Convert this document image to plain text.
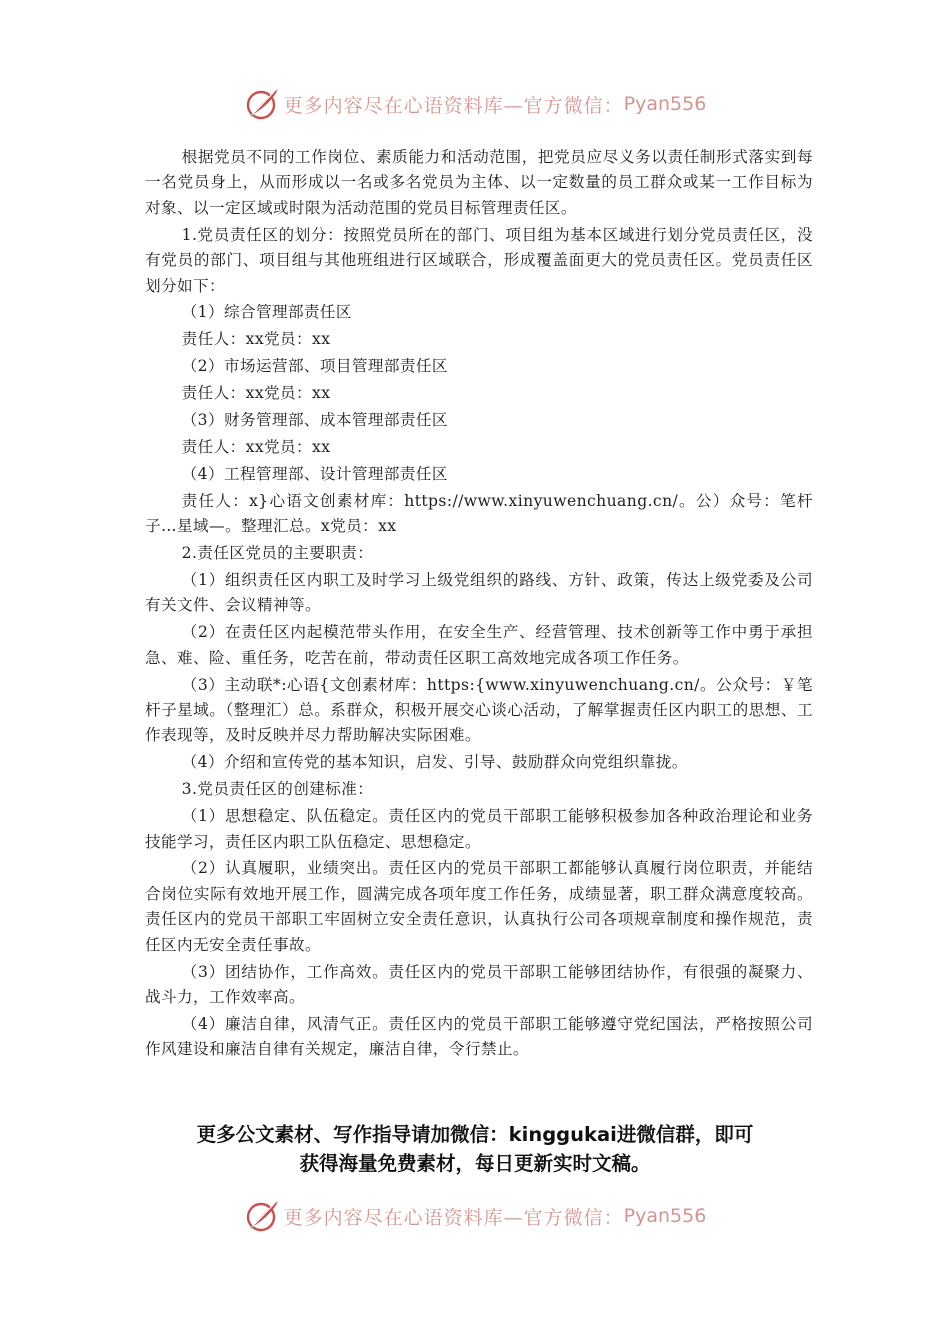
更多内容尽在心语资料库—官方微信： Pyan556

根据党员不同的工作岗位、素质能力和活动范围，把党员应尽义务以责任制形式落实到每一名党员身上，从而形成以一名或多名党员为主体、以一定数量的员工群众或某一工作目标为对象、以一定区域或时限为活动范围的党员目标管理责任区。

1.党员责任区的划分：按照党员所在的部门、项目组为基本区域进行划分党员责任区，没有党员的部门、项目组与其他班组进行区域联合，形成覆盖面更大的党员责任区。党员责任区划分如下：

（1）综合管理部责任区

责任人：xx党员：xx

（2）市场运营部、项目管理部责任区

责任人：xx党员：xx

（3）财务管理部、成本管理部责任区

责任人：xx党员：xx

（4）工程管理部、设计管理部责任区

责任人：x}心语文创素材库：https://www.xinyuwenchuang.cn/。公）众号：笔杆子…星域—。整理汇总。x党员：xx

2.责任区党员的主要职责：

（1）组织责任区内职工及时学习上级党组织的路线、方针、政策，传达上级党委及公司有关文件、会议精神等。

（2）在责任区内起模范带头作用，在安全生产、经营管理、技术创新等工作中勇于承担急、难、险、重任务，吃苦在前，带动责任区职工高效地完成各项工作任务。

（3）主动联*:心语{文创素材库：https:{www.xinyuwenchuang.cn/。公众号：￥笔杆子星域。（整理汇）总。系群众，积极开展交心谈心活动，了解掌握责任区内职工的思想、工作表现等，及时反映并尽力帮助解决实际困难。

（4）介绍和宣传党的基本知识，启发、引导、鼓励群众向党组织靠拢。

3.党员责任区的创建标准：

（1）思想稳定、队伍稳定。责任区内的党员干部职工能够积极参加各种政治理论和业务技能学习，责任区内职工队伍稳定、思想稳定。

（2）认真履职，业绩突出。责任区内的党员干部职工都能够认真履行岗位职责，并能结合岗位实际有效地开展工作，圆满完成各项年度工作任务，成绩显著，职工群众满意度较高。责任区内的党员干部职工牢固树立安全责任意识，认真执行公司各项规章制度和操作规范，责任区内无安全责任事故。

（3）团结协作，工作高效。责任区内的党员干部职工能够团结协作，有很强的凝聚力、战斗力，工作效率高。

（4）廉洁自律，风清气正。责任区内的党员干部职工能够遵守党纪国法，严格按照公司作风建设和廉洁自律有关规定，廉洁自律，令行禁止。

更多公文素材、写作指导请加微信：kinggukai进微信群，即可
获得海量免费素材，每日更新实时文稿。
更多内容尽在心语资料库—官方微信： Pyan556
